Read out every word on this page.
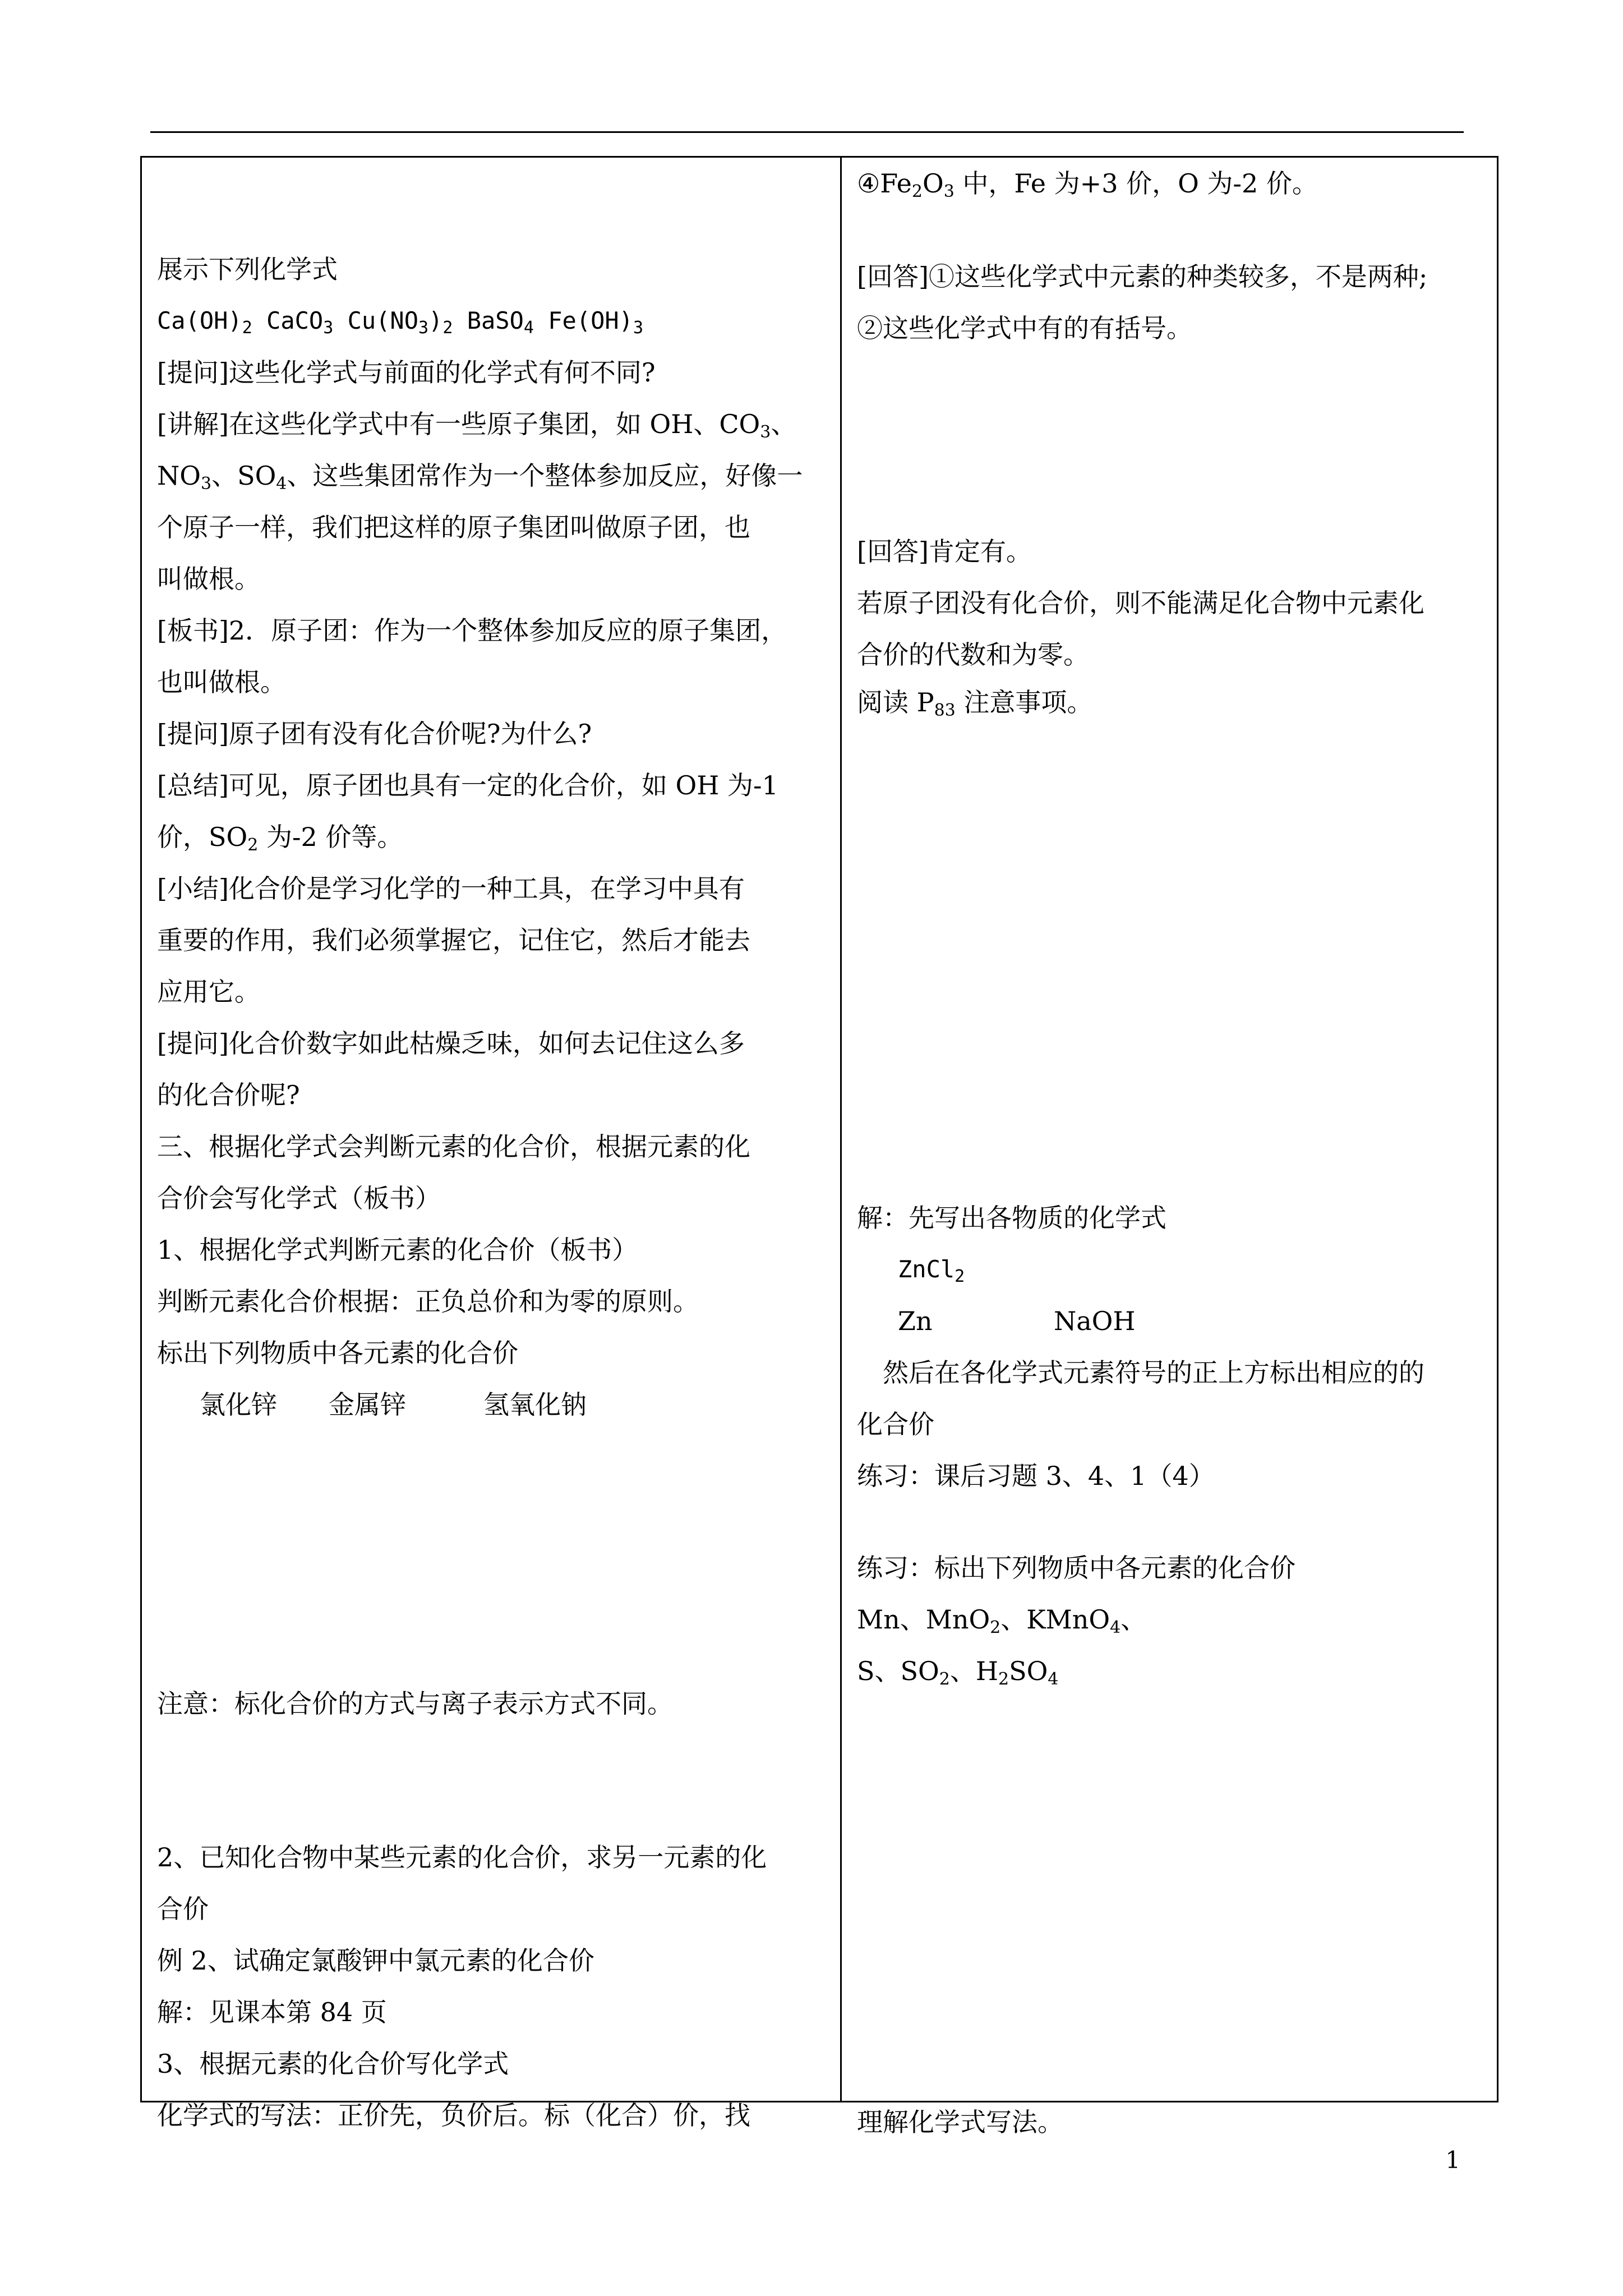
展示下列化学式
$Ca(OH)_2$ CaCO$_3$ $Cu(NO_3)_2$ BaSO$_4$ $Fe(OH)_3$
[提问]这些化学式与前面的化学式有何不同?
[讲解]在这些化学式中有一些原子集团，如 OH、$CO_3$、
$NO_3$、$SO_4$、这些集团常作为一个整体参加反应，好像一
个原子一样，我们把这样的原子集团叫做原子团，也
叫做根。
[板书]2．原子团：作为一个整体参加反应的原子集团，
也叫做根。
[提问]原子团有没有化合价呢?为什么?
[总结]可见，原子团也具有一定的化合价，如 OH 为-1
价，$SO_2$ 为-2 价等。
[小结]化合价是学习化学的一种工具，在学习中具有
重要的作用，我们必须掌握它，记住它，然后才能去
应用它。
[提问]化合价数字如此枯燥乏味，如何去记住这么多
的化合价呢?
三、根据化学式会判断元素的化合价，根据元素的化
合价会写化学式（板书）
1、根据化学式判断元素的化合价（板书）
判断元素化合价根据：正负总价和为零的原则。
标出下列物质中各元素的化合价
氯化锌　　金属锌　　　氢氧化钠
注意：标化合价的方式与离子表示方式不同。
2、已知化合物中某些元素的化合价，求另一元素的化
合价
例 2、试确定氯酸钾中氯元素的化合价
解：见课本第 84 页
3、根据元素的化合价写化学式
化学式的写法：正价先，负价后。标（化合）价，找
$④Fe_2O_3$ 中，Fe 为+3 价，O 为-2 价。
[回答]①这些化学式中元素的种类较多，不是两种;
②这些化学式中有的有括号。
[回答]肯定有。
若原子团没有化合价，则不能满足化合物中元素化
合价的代数和为零。
阅读 $P_{83}$ 注意事项。
解：先写出各物质的化学式
ZnCl$_2$
Zn	NaOH
然后在各化学式元素符号的正上方标出相应的的
化合价
练习：课后习题 3、4、1（4）
练习：标出下列物质中各元素的化合价
Mn、MnO$_2$、KMnO$_4$、
S、$SO_2$、$H_2SO_4$
理解化学式写法。
1
